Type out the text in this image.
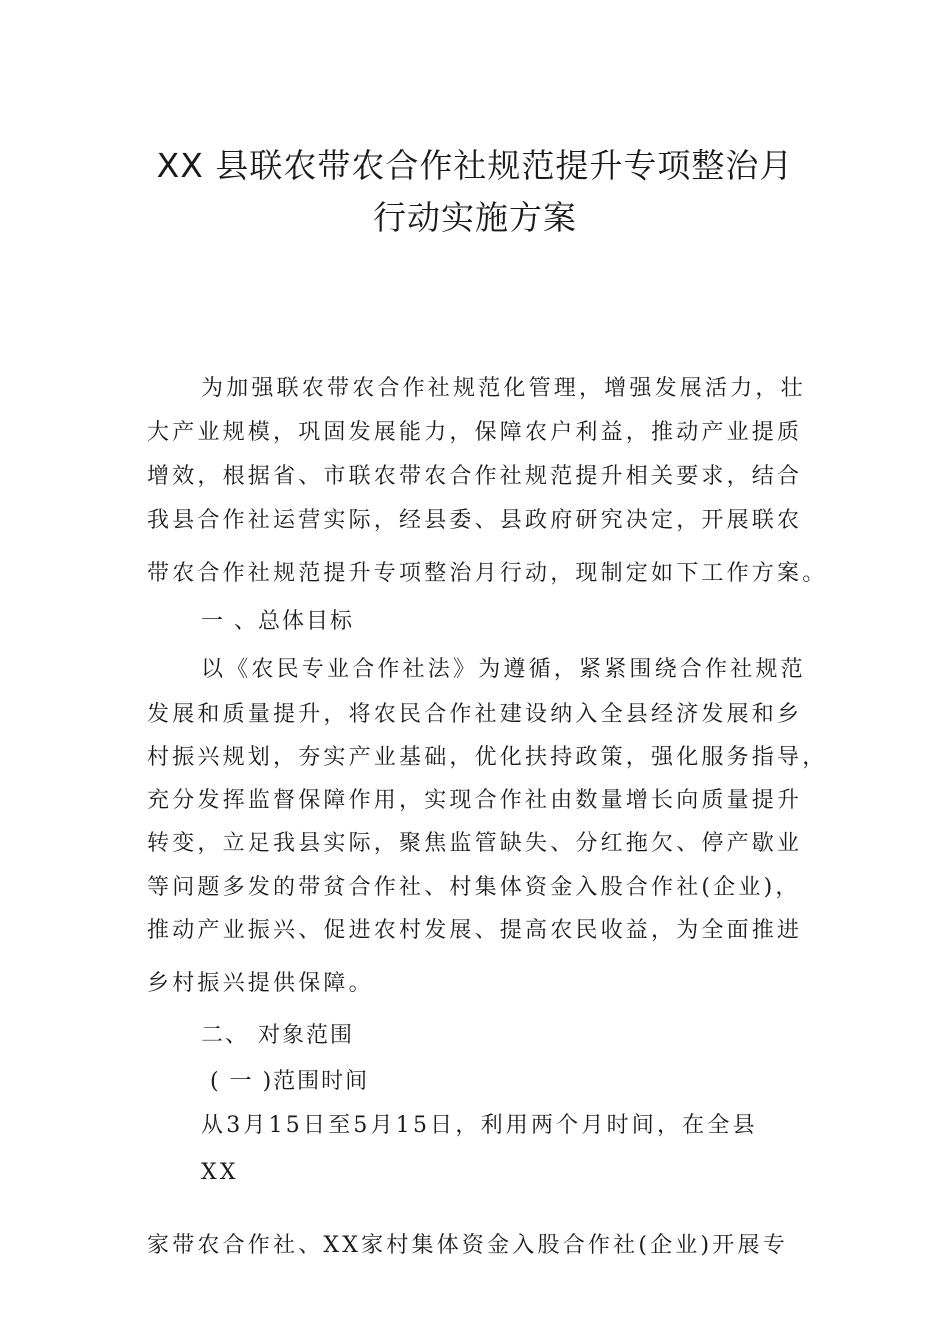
XX 县联农带农合作社规范提升专项整治月
行动实施方案
为加强联农带农合作社规范化管理，增强发展活力，壮
大产业规模，巩固发展能力，保障农户利益，推动产业提质
增效，根据省、市联农带农合作社规范提升相关要求，结合
我县合作社运营实际，经县委、县政府研究决定，开展联农
带农合作社规范提升专项整治月行动，现制定如下工作方案。
一 、总体目标
以《农民专业合作社法》为遵循，紧紧围绕合作社规范
发展和质量提升，将农民合作社建设纳入全县经济发展和乡
村振兴规划，夯实产业基础，优化扶持政策，强化服务指导，
充分发挥监督保障作用，实现合作社由数量增长向质量提升
转变，立足我县实际，聚焦监管缺失、分红拖欠、停产歇业
等问题多发的带贫合作社、村集体资金入股合作社(企业)，
推动产业振兴、促进农村发展、提高农民收益，为全面推进
乡村振兴提供保障。
二、 对象范围
( 一 )范围时间
从3月15日至5月15日，利用两个月时间，在全县
XX
家带农合作社、XX家村集体资金入股合作社(企业)开展专
